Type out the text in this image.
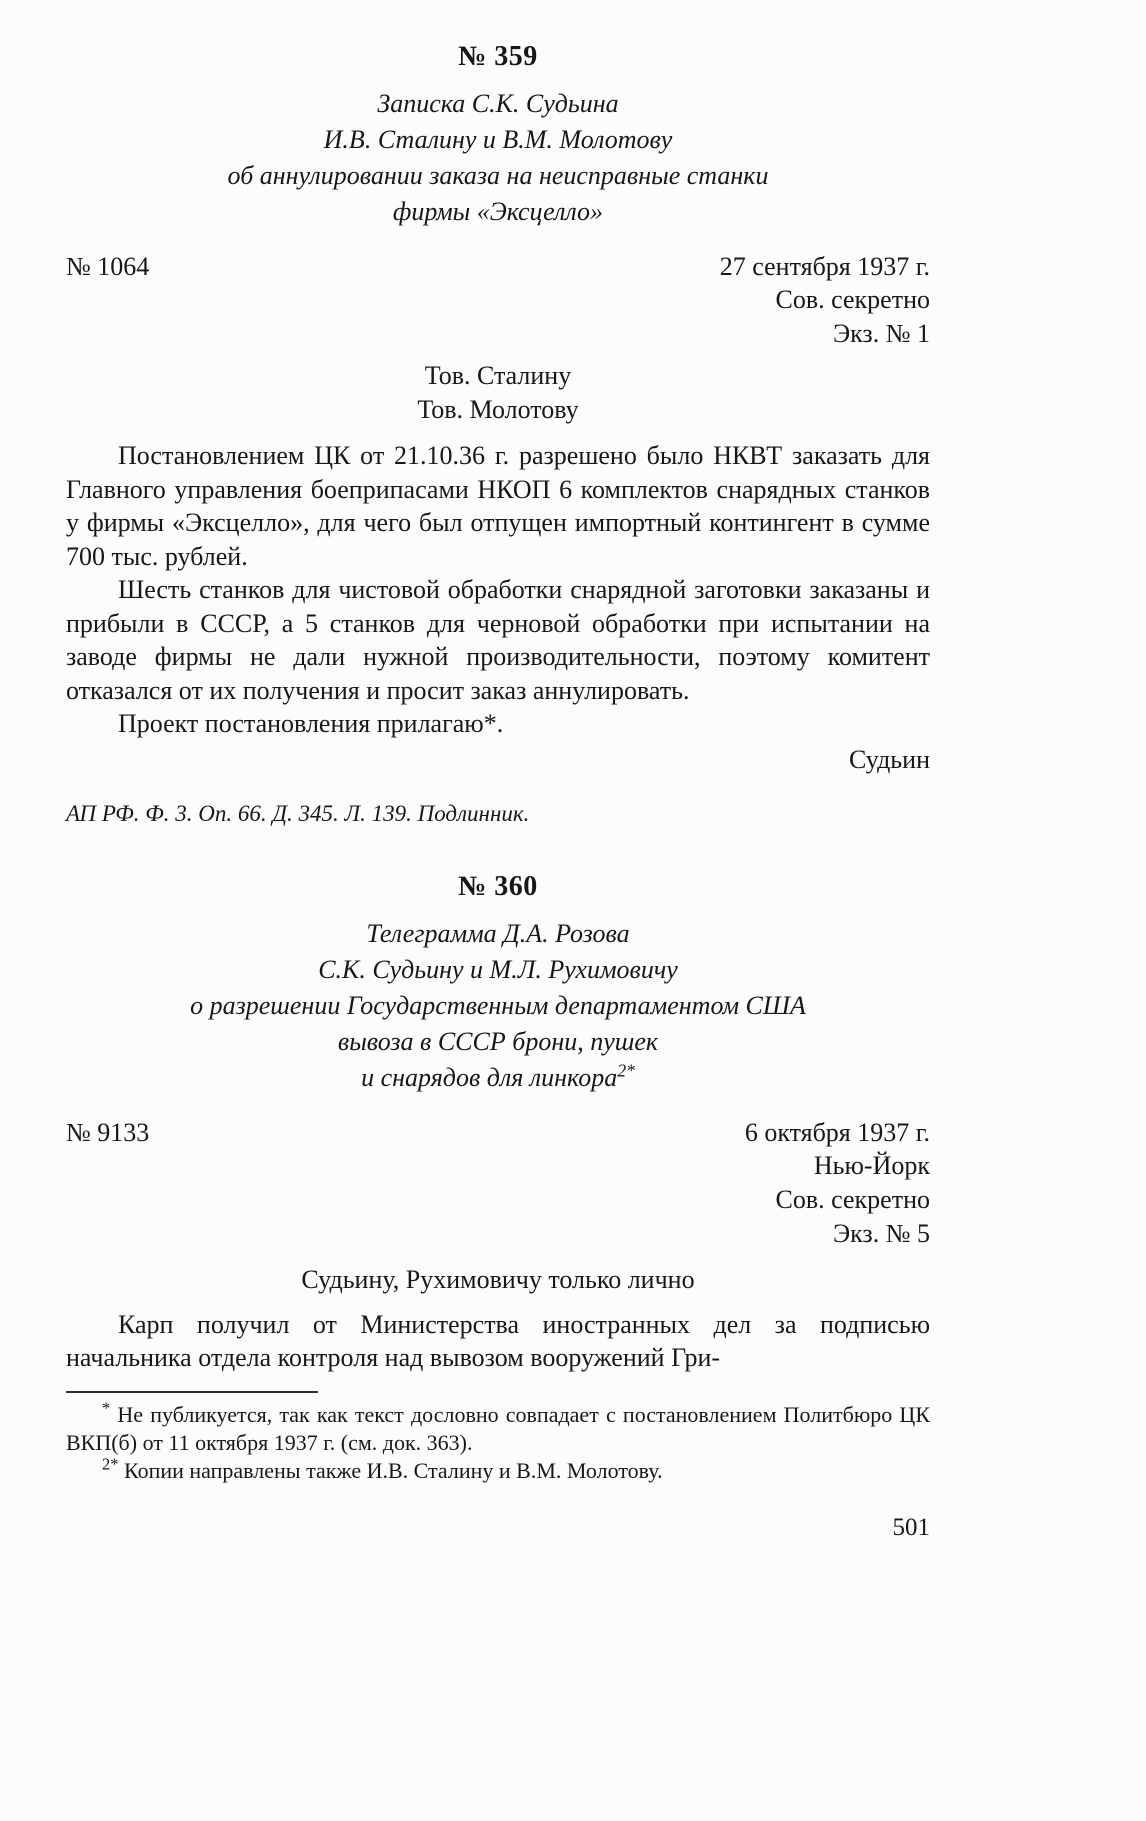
№ 359
Записка С.К. Судьина
И.В. Сталину и В.М. Молотову
об аннулировании заказа на неисправные станки
фирмы «Эксцелло»
№ 1064	27 сентября 1937 г.
Сов. секретно
Экз. № 1
Тов. Сталину
Тов. Молотову

Постановлением ЦК от 21.10.36 г. разрешено было НКВТ заказать для Главного управления боеприпасами НКОП 6 комплектов снарядных станков у фирмы «Эксцелло», для чего был отпущен импортный контингент в сумме 700 тыс. рублей.

Шесть станков для чистовой обработки снарядной заготовки заказаны и прибыли в СССР, а 5 станков для черновой обработки при испытании на заводе фирмы не дали нужной производительности, поэтому комитент отказался от их получения и просит заказ аннулировать.

Проект постановления прилагаю*.

Судьин
АП РФ. Ф. 3. Оп. 66. Д. 345. Л. 139. Подлинник.
№ 360
Телеграмма Д.А. Розова
С.К. Судьину и М.Л. Рухимовичу
о разрешении Государственным департаментом США
вывоза в СССР брони, пушек
и снарядов для линкора$^{2*}$
№ 9133	6 октября 1937 г.
Нью-Йорк
Сов. секретно
Экз. № 5
Судьину, Рухимовичу только лично

Карп получил от Министерства иностранных дел за подписью начальника отдела контроля над вывозом вооружений Гри-

* Не публикуется, так как текст дословно совпадает с постановлением Политбюро ЦК ВКП(б) от 11 октября 1937 г. (см. док. 363).

$^{2*}$ Копии направлены также И.В. Сталину и В.М. Молотову.

501
